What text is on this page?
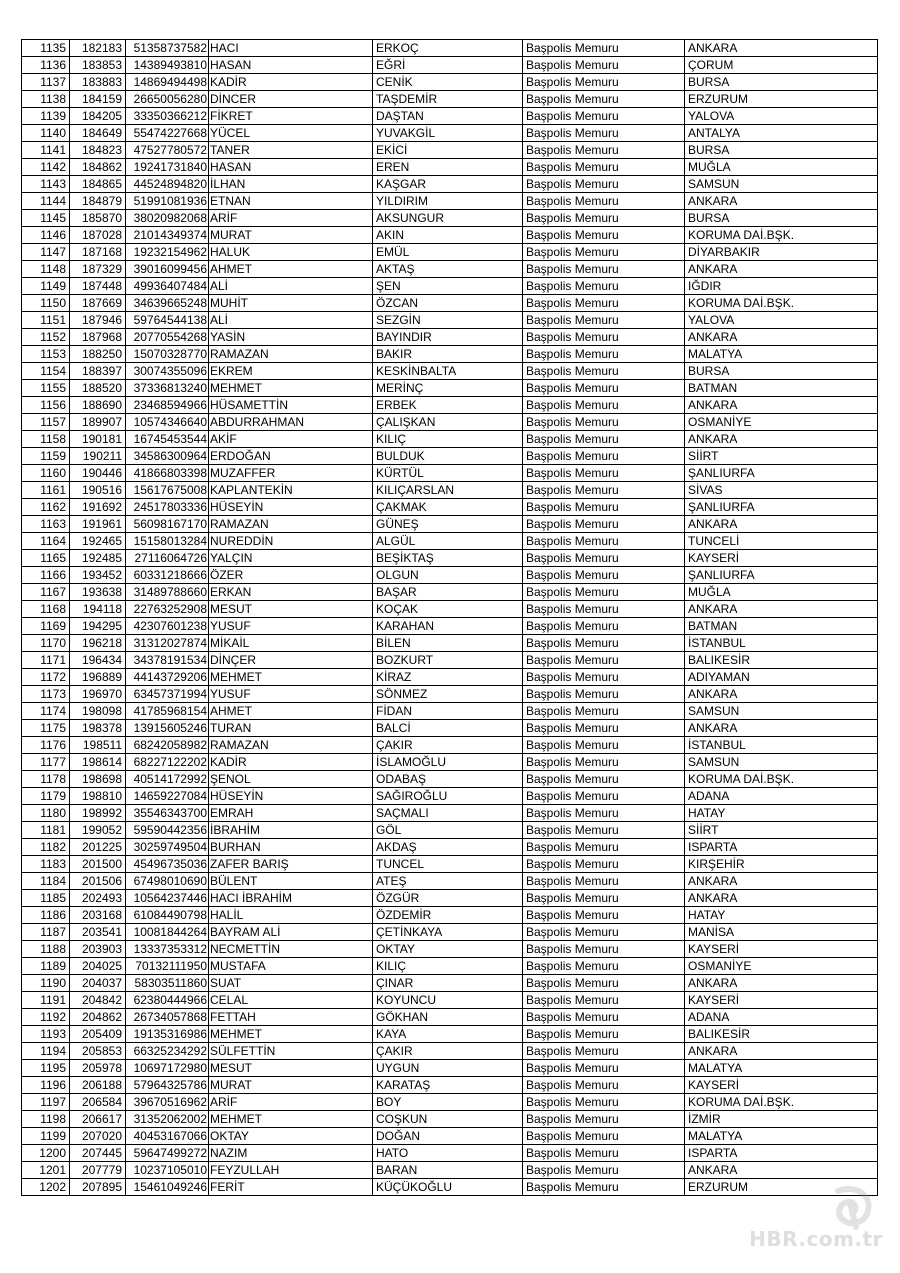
1135	182183	51358737582	HACI	ERKOÇ	Başpolis Memuru	ANKARA
1136	183853	14389493810	HASAN	EĞRİ	Başpolis Memuru	ÇORUM
1137	183883	14869494498	KADİR	CENİK	Başpolis Memuru	BURSA
1138	184159	26650056280	DİNCER	TAŞDEMİR	Başpolis Memuru	ERZURUM
1139	184205	33350366212	FİKRET	DAŞTAN	Başpolis Memuru	YALOVA
1140	184649	55474227668	YÜCEL	YUVAKGİL	Başpolis Memuru	ANTALYA
1141	184823	47527780572	TANER	EKİCİ	Başpolis Memuru	BURSA
1142	184862	19241731840	HASAN	EREN	Başpolis Memuru	MUĞLA
1143	184865	44524894820	İLHAN	KAŞGAR	Başpolis Memuru	SAMSUN
1144	184879	51991081936	ETNAN	YILDIRIM	Başpolis Memuru	ANKARA
1145	185870	38020982068	ARİF	AKSUNGUR	Başpolis Memuru	BURSA
1146	187028	21014349374	MURAT	AKIN	Başpolis Memuru	KORUMA DAİ.BŞK.
1147	187168	19232154962	HALUK	EMÜL	Başpolis Memuru	DİYARBAKIR
1148	187329	39016099456	AHMET	AKTAŞ	Başpolis Memuru	ANKARA
1149	187448	49936407484	ALİ	ŞEN	Başpolis Memuru	IĞDIR
1150	187669	34639665248	MUHİT	ÖZCAN	Başpolis Memuru	KORUMA DAİ.BŞK.
1151	187946	59764544138	ALİ	SEZGİN	Başpolis Memuru	YALOVA
1152	187968	20770554268	YASİN	BAYINDIR	Başpolis Memuru	ANKARA
1153	188250	15070328770	RAMAZAN	BAKIR	Başpolis Memuru	MALATYA
1154	188397	30074355096	EKREM	KESKİNBALTA	Başpolis Memuru	BURSA
1155	188520	37336813240	MEHMET	MERİNÇ	Başpolis Memuru	BATMAN
1156	188690	23468594966	HÜSAMETTİN	ERBEK	Başpolis Memuru	ANKARA
1157	189907	10574346640	ABDURRAHMAN	ÇALIŞKAN	Başpolis Memuru	OSMANİYE
1158	190181	16745453544	AKİF	KILIÇ	Başpolis Memuru	ANKARA
1159	190211	34586300964	ERDOĞAN	BULDUK	Başpolis Memuru	SİİRT
1160	190446	41866803398	MUZAFFER	KÜRTÜL	Başpolis Memuru	ŞANLIURFA
1161	190516	15617675008	KAPLANTEKİN	KILIÇARSLAN	Başpolis Memuru	SİVAS
1162	191692	24517803336	HÜSEYİN	ÇAKMAK	Başpolis Memuru	ŞANLIURFA
1163	191961	56098167170	RAMAZAN	GÜNEŞ	Başpolis Memuru	ANKARA
1164	192465	15158013284	NUREDDİN	ALGÜL	Başpolis Memuru	TUNCELİ
1165	192485	27116064726	YALÇIN	BEŞİKTAŞ	Başpolis Memuru	KAYSERİ
1166	193452	60331218666	ÖZER	OLGUN	Başpolis Memuru	ŞANLIURFA
1167	193638	31489788660	ERKAN	BAŞAR	Başpolis Memuru	MUĞLA
1168	194118	22763252908	MESUT	KOÇAK	Başpolis Memuru	ANKARA
1169	194295	42307601238	YUSUF	KARAHAN	Başpolis Memuru	BATMAN
1170	196218	31312027874	MİKAİL	BİLEN	Başpolis Memuru	İSTANBUL
1171	196434	34378191534	DİNÇER	BOZKURT	Başpolis Memuru	BALIKESİR
1172	196889	44143729206	MEHMET	KİRAZ	Başpolis Memuru	ADIYAMAN
1173	196970	63457371994	YUSUF	SÖNMEZ	Başpolis Memuru	ANKARA
1174	198098	41785968154	AHMET	FİDAN	Başpolis Memuru	SAMSUN
1175	198378	13915605246	TURAN	BALCİ	Başpolis Memuru	ANKARA
1176	198511	68242058982	RAMAZAN	ÇAKIR	Başpolis Memuru	İSTANBUL
1177	198614	68227122202	KADİR	İSLAMOĞLU	Başpolis Memuru	SAMSUN
1178	198698	40514172992	ŞENOL	ODABAŞ	Başpolis Memuru	KORUMA DAİ.BŞK.
1179	198810	14659227084	HÜSEYİN	SAĞIROĞLU	Başpolis Memuru	ADANA
1180	198992	35546343700	EMRAH	SAÇMALI	Başpolis Memuru	HATAY
1181	199052	59590442356	İBRAHİM	GÖL	Başpolis Memuru	SİİRT
1182	201225	30259749504	BURHAN	AKDAŞ	Başpolis Memuru	ISPARTA
1183	201500	45496735036	ZAFER BARIŞ	TUNCEL	Başpolis Memuru	KIRŞEHİR
1184	201506	67498010690	BÜLENT	ATEŞ	Başpolis Memuru	ANKARA
1185	202493	10564237446	HACI İBRAHİM	ÖZGÜR	Başpolis Memuru	ANKARA
1186	203168	61084490798	HALİL	ÖZDEMİR	Başpolis Memuru	HATAY
1187	203541	10081844264	BAYRAM ALİ	ÇETİNKAYA	Başpolis Memuru	MANİSA
1188	203903	13337353312	NECMETTİN	OKTAY	Başpolis Memuru	KAYSERİ
1189	204025	70132111950	MUSTAFA	KILIÇ	Başpolis Memuru	OSMANİYE
1190	204037	58303511860	SUAT	ÇINAR	Başpolis Memuru	ANKARA
1191	204842	62380444966	CELAL	KOYUNCU	Başpolis Memuru	KAYSERİ
1192	204862	26734057868	FETTAH	GÖKHAN	Başpolis Memuru	ADANA
1193	205409	19135316986	MEHMET	KAYA	Başpolis Memuru	BALIKESİR
1194	205853	66325234292	SÜLFETTİN	ÇAKIR	Başpolis Memuru	ANKARA
1195	205978	10697172980	MESUT	UYGUN	Başpolis Memuru	MALATYA
1196	206188	57964325786	MURAT	KARATAŞ	Başpolis Memuru	KAYSERİ
1197	206584	39670516962	ARİF	BOY	Başpolis Memuru	KORUMA DAİ.BŞK.
1198	206617	31352062002	MEHMET	COŞKUN	Başpolis Memuru	İZMİR
1199	207020	40453167066	OKTAY	DOĞAN	Başpolis Memuru	MALATYA
1200	207445	59647499272	NAZIM	HATO	Başpolis Memuru	ISPARTA
1201	207779	10237105010	FEYZULLAH	BARAN	Başpolis Memuru	ANKARA
1202	207895	15461049246	FERİT	KÜÇÜKOĞLU	Başpolis Memuru	ERZURUM
HBR.com.tr
